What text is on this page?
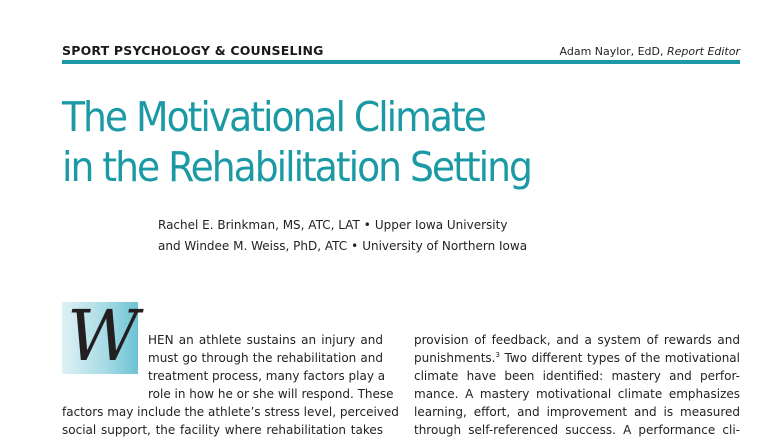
SPORT PSYCHOLOGY & COUNSELING	Adam Naylor, EdD, Report Editor
The Motivational Climate
in the Rehabilitation Setting
Rachel E. Brinkman, MS, ATC, LAT • Upper Iowa University
and Windee M. Weiss, PhD, ATC • University of Northern Iowa
W HEN an athlete sustains an injury and
must go through the rehabilitation and
treatment process, many factors play a
role in how he or she will respond. These
factors may include the athlete’s stress level, perceived
social support, the facility where rehabilitation takes
provision of feedback, and a system of rewards and
punishments.$^3$ Two different types of the motivational
climate have been identified: mastery and perfor-
mance. A mastery motivational climate emphasizes
learning, effort, and improvement and is measured
through self-referenced success. A performance cli-
